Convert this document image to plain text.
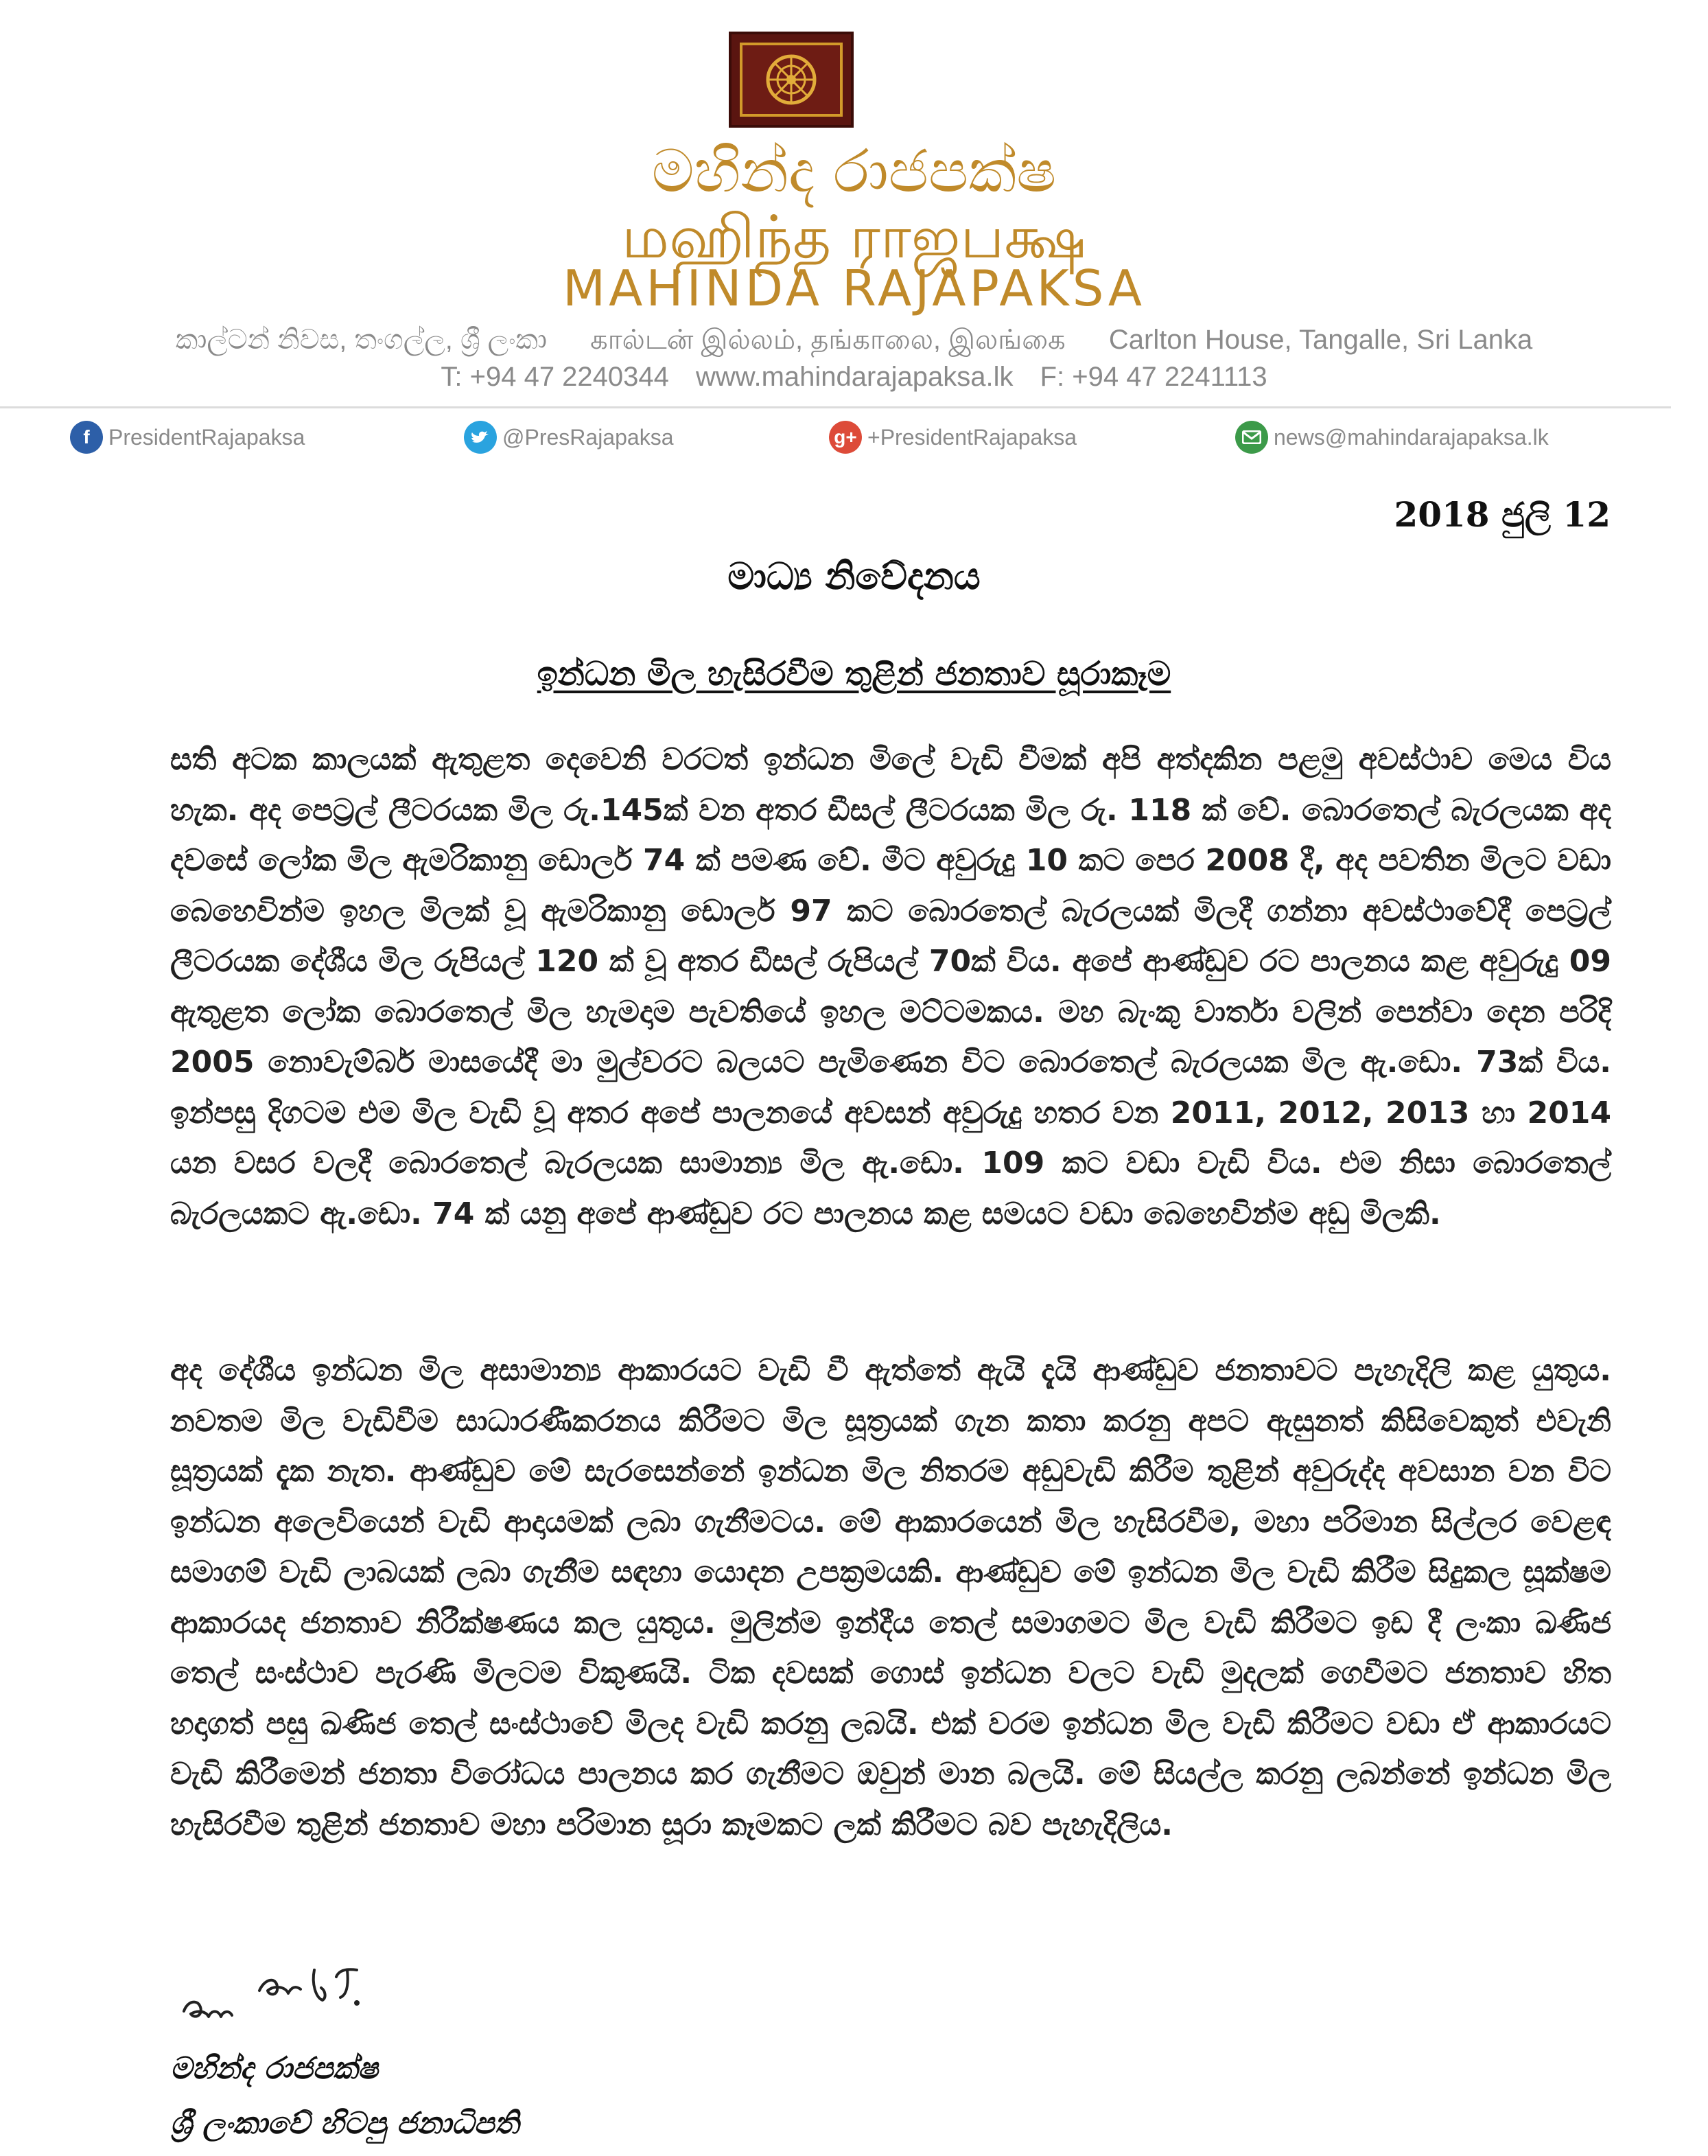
මහින්ද රාජපක්ෂ
மஹிந்த ராஜபக்ஷ
MAHINDA RAJAPAKSA
කාල්ටන් නිවස, තංගල්ල, ශ්‍රී ලංකා கால்டன் இல்லம், தங்காலை, இலங்கை Carlton House, Tangalle, Sri Lanka
T: +94 47 2240344 www.mahindarajapaksa.lk F: +94 47 2241113
f PresidentRajapaksa	@PresRajapaksa	g+ +PresidentRajapaksa	news@mahindarajapaksa.lk
2018 ජුලි 12
මාධ්‍ය නිවේදනය
ඉන්ධන මිල හැසිරවීම තුළින් ජනතාව සූරාකෑම
සති අටක කාලයක් ඇතුළත දෙවෙනි වරටත් ඉන්ධන මිලේ වැඩි වීමක් අපි අත්දකින පළමු අවස්ථාව මෙය විය හැක. අද පෙට්‍රල් ලීටරයක මිල රු.145ක් වන අතර ඩීසල් ලීටරයක මිල රු. 118 ක් වේ. බොරතෙල් බැරලයක අද දවසේ ලෝක මිල ඇමරිකානු ඩොලර් 74 ක් පමණ වේ. මීට අවුරුදු 10 කට පෙර 2008 දී, අද පවතින මිලට වඩා බෙහෙවින්ම ඉහල මිලක් වූ ඇමරිකානු ඩොලර් 97 කට බොරතෙල් බැරලයක් මිලදී ගන්නා අවස්ථාවේදී පෙට්‍රල් ලීටරයක දේශීය මිල රුපියල් 120 ක් වූ අතර ඩීසල් රුපියල් 70ක් විය. අපේ ආණ්ඩුව රට පාලනය කළ අවුරුදු 09 ඇතුළත ලෝක බොරතෙල් මිල හැමදාම පැවතියේ ඉහල මට්ටමකය. මහ බැංකු වාර්තා වලින් පෙන්වා දෙන පරිදි 2005 නොවැම්බර් මාසයේදී මා මුල්වරට බලයට පැමිණෙන විට බොරතෙල් බැරලයක මිල ඇ.ඩො. 73ක් විය. ඉන්පසු දිගටම එම මිල වැඩි වූ අතර අපේ පාලනයේ අවසන් අවුරුදු හතර වන 2011, 2012, 2013 හා 2014 යන වසර වලදී බොරතෙල් බැරලයක සාමාන්‍ය මිල ඇ.ඩො. 109 කට වඩා වැඩි විය. එම නිසා බොරතෙල් බැරලයකට ඇ.ඩො. 74 ක් යනු අපේ ආණ්ඩුව රට පාලනය කළ සමයට වඩා බෙහෙවින්ම අඩු මිලකි.
අද දේශීය ඉන්ධන මිල අසාමාන්‍ය ආකාරයට වැඩි වී ඇත්තේ ඇයි දැයි ආණ්ඩුව ජනතාවට පැහැදිලි කළ යුතුය. නවතම මිල වැඩිවීම සාධාරණීකරනය කිරීමට මිල සූත්‍රයක් ගැන කතා කරනු අපට ඇසුනත් කිසිවෙකුත් එවැනි සූත්‍රයක් දැක නැත. ආණ්ඩුව මේ සැරසෙන්නේ ඉන්ධන මිල නිතරම අඩුවැඩි කිරීම තුළින් අවුරුද්ද අවසාන වන විට ඉන්ධන අලෙවියෙන් වැඩි ආදායමක් ලබා ගැනීමටය. මේ ආකාරයෙන් මිල හැසිරවීම, මහා පරිමාන සිල්ලර වෙළඳ සමාගම් වැඩි ලාබයක් ලබා ගැනීම සඳහා යොදන උපක්‍රමයකි. ආණ්ඩුව මේ ඉන්ධන මිල වැඩි කිරීම සිදුකල සූක්ෂම ආකාරයද ජනතාව නිරීක්ෂණය කල යුතුය. මුලින්ම ඉන්දීය තෙල් සමාගමට මිල වැඩි කිරීමට ඉඩ දී ලංකා ඛණිජ තෙල් සංස්ථාව පැරණි මිලටම විකුණයි. ටික දවසක් ගොස් ඉන්ධන වලට වැඩි මුදලක් ගෙවීමට ජනතාව හිත හදාගත් පසු ඛණිජ තෙල් සංස්ථාවේ මිලද වැඩි කරනු ලබයි. එක් වරම ඉන්ධන මිල වැඩි කිරීමට වඩා ඒ ආකාරයට වැඩි කිරීමෙන් ජනතා විරෝධය පාලනය කර ගැනීමට ඔවුන් මාන බලයි. මේ සියල්ල කරනු ලබන්නේ ඉන්ධන මිල හැසිරවීම තුළින් ජනතාව මහා පරිමාන සූරා කෑමකට ලක් කිරීමට බව පැහැදිලිය.
මහින්ද රාජපක්ෂ
ශ්‍රී ලංකාවේ හිටපු ජනාධිපති
